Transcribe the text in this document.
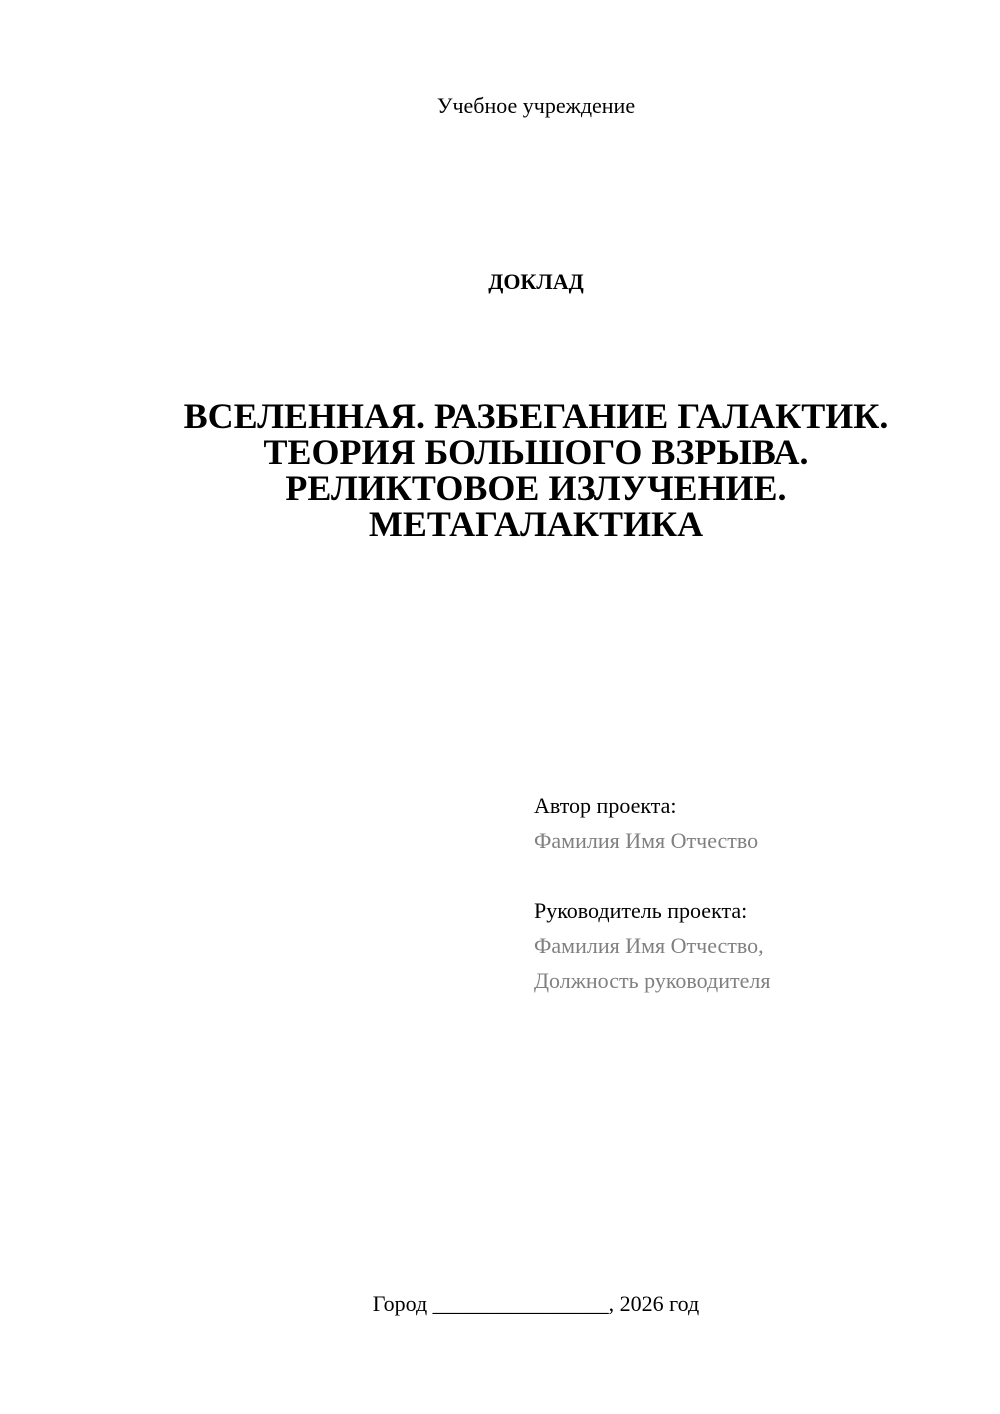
Учебное учреждение
ДОКЛАД
ВСЕЛЕННАЯ. РАЗБЕГАНИЕ ГАЛАКТИК.
ТЕОРИЯ БОЛЬШОГО ВЗРЫВА.
РЕЛИКТОВОЕ ИЗЛУЧЕНИЕ.
МЕТАГАЛАКТИКА
Автор проекта:
Фамилия Имя Отчество
Руководитель проекта:
Фамилия Имя Отчество,
Должность руководителя
Город ________________, 2026 год
